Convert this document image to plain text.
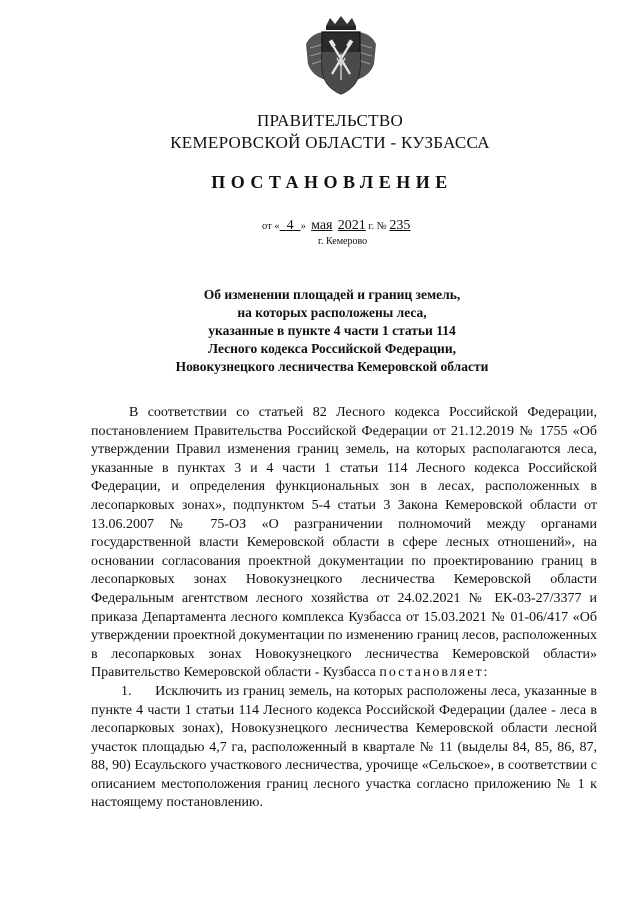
ПРАВИТЕЛЬСТВО
КЕМЕРОВСКОЙ ОБЛАСТИ - КУЗБАССА
ПОСТАНОВЛЕНИЕ
от « 4 » мая 2021 г. № 235
г. Кемерово
Об изменении площадей и границ земель,
на которых расположены леса,
указанные в пункте 4 части 1 статьи 114
Лесного кодекса Российской Федерации,
Новокузнецкого лесничества Кемеровской области

В соответствии со статьей 82 Лесного кодекса Российской Федерации, постановлением Правительства Российской Федерации от 21.12.2019 № 1755 «Об утверждении Правил изменения границ земель, на которых располагаются леса, указанные в пунктах 3 и 4 части 1 статьи 114 Лесного кодекса Российской Федерации, и определения функциональных зон в лесах, расположенных в лесопарковых зонах», подпунктом 5-4 статьи 3 Закона Кемеровской области от 13.06.2007 № 75-ОЗ «О разграничении полномочий между органами государственной власти Кемеровской области в сфере лесных отношений», на основании согласования проектной документации по проектированию границ в лесопарковых зонах Новокузнецкого лесничества Кемеровской области Федеральным агентством лесного хозяйства от 24.02.2021 № ЕК-03-27/3377 и приказа Департамента лесного комплекса Кузбасса от 15.03.2021 № 01-06/417 «Об утверждении проектной документации по изменению границ лесов, расположенных в лесопарковых зонах Новокузнецкого лесничества Кемеровской области» Правительство Кемеровской области - Кузбасса постановляет:

1. Исключить из границ земель, на которых расположены леса, указанные в пункте 4 части 1 статьи 114 Лесного кодекса Российской Федерации (далее - леса в лесопарковых зонах), Новокузнецкого лесничества Кемеровской области лесной участок площадью 4,7 га, расположенный в квартале № 11 (выделы 84, 85, 86, 87, 88, 90) Есаульского участкового лесничества, урочище «Сельское», в соответствии с описанием местоположения границ лесного участка согласно приложению № 1 к настоящему постановлению.
